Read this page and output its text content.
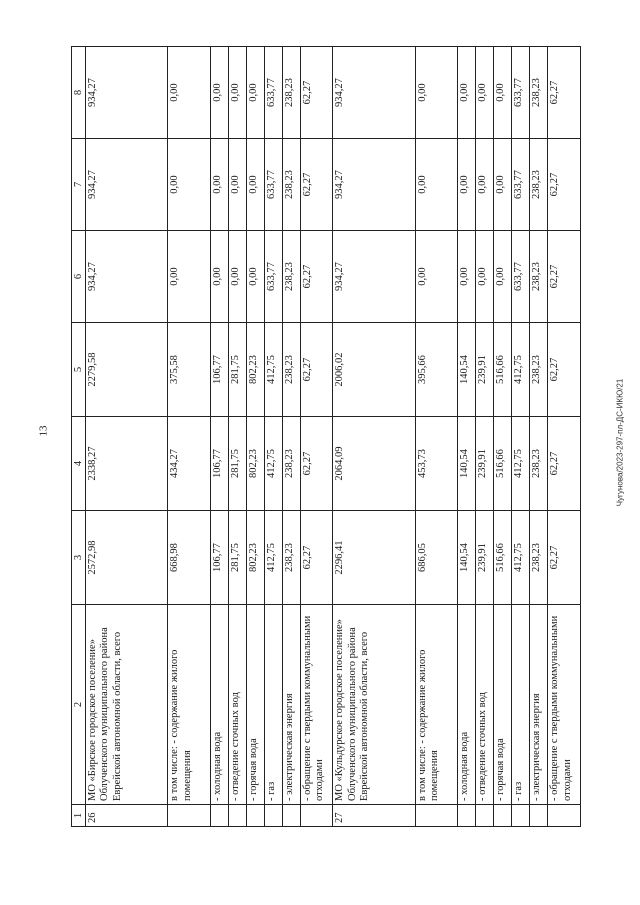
13	Чугунова/2023-297-пл-ДС-ИКЮ/21
1	2	3	4	5	6	7	8
26	МО «Бирское городское поселение» Облученского муниципального района Еврейской автономной области, всего	2572,98	2338,27	2279,58	934,27	934,27	934,27
	в том числе: - содержание жилого помещения	668,98	434,27	375,58	0,00	0,00	0,00
	- холодная вода	106,77	106,77	106,77	0,00	0,00	0,00
	- отведение сточных вод	281,75	281,75	281,75	0,00	0,00	0,00
	- горячая вода	802,23	802,23	802,23	0,00	0,00	0,00
	- газ	412,75	412,75	412,75	633,77	633,77	633,77
	- электрическая энергия	238,23	238,23	238,23	238,23	238,23	238,23
	- обращение с твердыми коммунальными отходами	62,27	62,27	62,27	62,27	62,27	62,27
27	МО «Кульдурское городское поселение» Облученского муниципального района Еврейской автономной области, всего	2296,41	2064,09	2006,02	934,27	934,27	934,27
	в том числе: - содержание жилого помещения	686,05	453,73	395,66	0,00	0,00	0,00
	- холодная вода	140,54	140,54	140,54	0,00	0,00	0,00
	- отведение сточных вод	239,91	239,91	239,91	0,00	0,00	0,00
	- горячая вода	516,66	516,66	516,66	0,00	0,00	0,00
	- газ	412,75	412,75	412,75	633,77	633,77	633,77
	- электрическая энергия	238,23	238,23	238,23	238,23	238,23	238,23
	- обращение с твердыми коммунальными отходами	62,27	62,27	62,27	62,27	62,27	62,27
